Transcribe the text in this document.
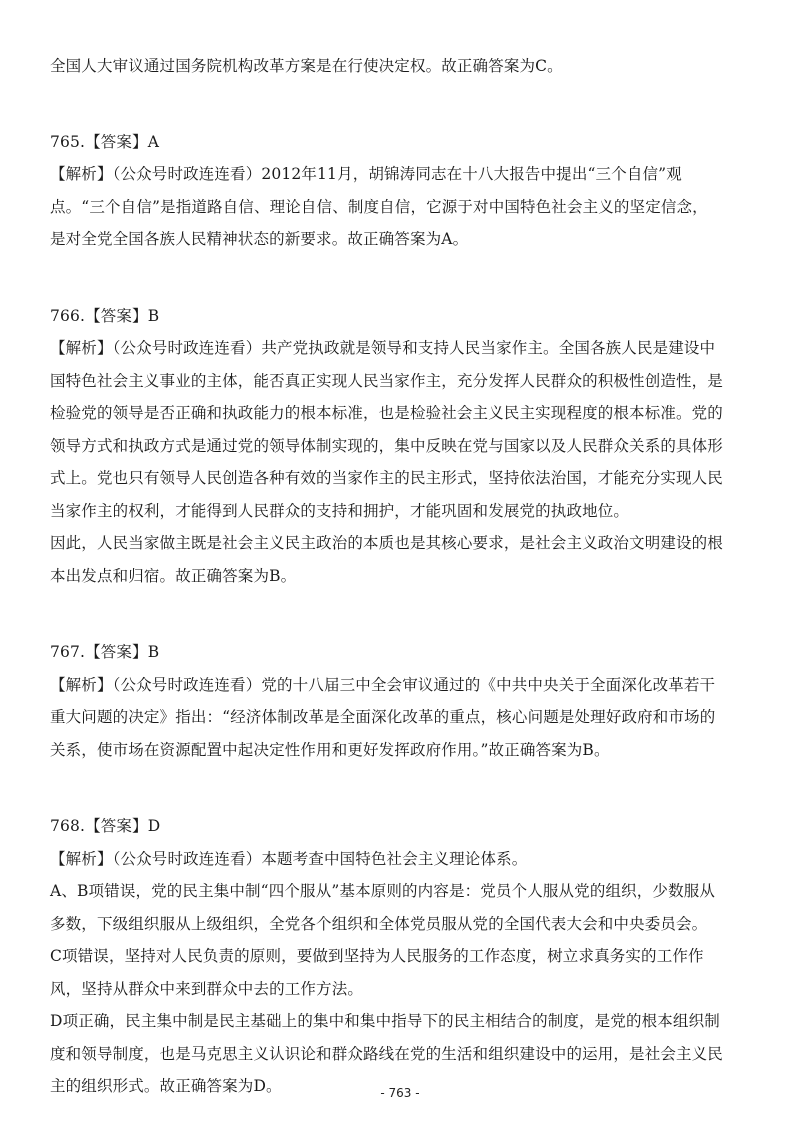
全国人大审议通过国务院机构改革方案是在行使决定权。故正确答案为C。
765.【答案】A
【解析】（公众号时政连连看）2012年11月，胡锦涛同志在十八大报告中提出“三个自信”观
点。“三个自信”是指道路自信、理论自信、制度自信，它源于对中国特色社会主义的坚定信念，
是对全党全国各族人民精神状态的新要求。故正确答案为A。
766.【答案】B
【解析】（公众号时政连连看）共产党执政就是领导和支持人民当家作主。全国各族人民是建设中
国特色社会主义事业的主体，能否真正实现人民当家作主，充分发挥人民群众的积极性创造性，是
检验党的领导是否正确和执政能力的根本标准，也是检验社会主义民主实现程度的根本标准。党的
领导方式和执政方式是通过党的领导体制实现的，集中反映在党与国家以及人民群众关系的具体形
式上。党也只有领导人民创造各种有效的当家作主的民主形式，坚持依法治国，才能充分实现人民
当家作主的权利，才能得到人民群众的支持和拥护，才能巩固和发展党的执政地位。
因此，人民当家做主既是社会主义民主政治的本质也是其核心要求，是社会主义政治文明建设的根
本出发点和归宿。故正确答案为B。
767.【答案】B
【解析】（公众号时政连连看）党的十八届三中全会审议通过的《中共中央关于全面深化改革若干
重大问题的决定》指出：“经济体制改革是全面深化改革的重点，核心问题是处理好政府和市场的
关系，使市场在资源配置中起决定性作用和更好发挥政府作用。”故正确答案为B。
768.【答案】D
【解析】（公众号时政连连看）本题考查中国特色社会主义理论体系。
A、B项错误，党的民主集中制“四个服从”基本原则的内容是：党员个人服从党的组织，少数服从
多数，下级组织服从上级组织，全党各个组织和全体党员服从党的全国代表大会和中央委员会。
C项错误，坚持对人民负责的原则，要做到坚持为人民服务的工作态度，树立求真务实的工作作
风，坚持从群众中来到群众中去的工作方法。
D项正确，民主集中制是民主基础上的集中和集中指导下的民主相结合的制度，是党的根本组织制
度和领导制度，也是马克思主义认识论和群众路线在党的生活和组织建设中的运用，是社会主义民
主的组织形式。故正确答案为D。	- 763 -
